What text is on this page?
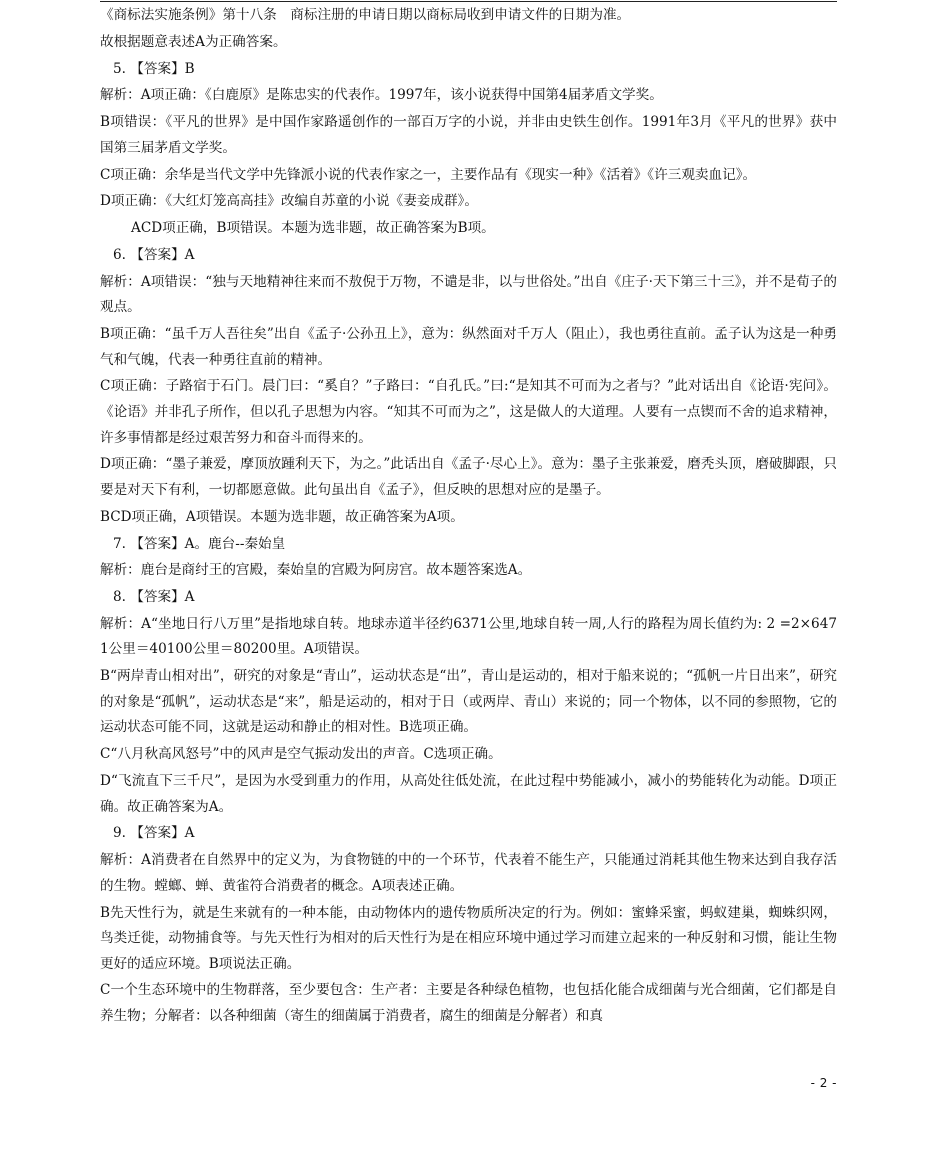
《商标法实施条例》第十八条　商标注册的申请日期以商标局收到申请文件的日期为准。

故根据题意表述A为正确答案。

5. 【答案】B

解析：A项正确：《白鹿原》是陈忠实的代表作。1997年，该小说获得中国第4届茅盾文学奖。

B项错误：《平凡的世界》是中国作家路遥创作的一部百万字的小说，并非由史铁生创作。1991年3月《平凡的世界》获中国第三届茅盾文学奖。

C项正确：余华是当代文学中先锋派小说的代表作家之一，主要作品有《现实一种》《活着》《许三观卖血记》。

D项正确：《大红灯笼高高挂》改编自苏童的小说《妻妾成群》。

ACD项正确，B项错误。本题为选非题，故正确答案为B项。

6. 【答案】A

解析：A项错误：“独与天地精神往来而不敖倪于万物，不谴是非，以与世俗处。”出自《庄子·天下第三十三》，并不是荀子的观点。

B项正确：“虽千万人吾往矣”出自《孟子·公孙丑上》，意为：纵然面对千万人（阻止），我也勇往直前。孟子认为这是一种勇气和气魄，代表一种勇往直前的精神。

C项正确：子路宿于石门。晨门曰：“奚自？”子路曰：“自孔氏。”曰:“是知其不可而为之者与？”此对话出自《论语·宪问》。《论语》并非孔子所作，但以孔子思想为内容。“知其不可而为之”，这是做人的大道理。人要有一点锲而不舍的追求精神，许多事情都是经过艰苦努力和奋斗而得来的。

D项正确：“墨子兼爱，摩顶放踵利天下，为之。”此话出自《孟子·尽心上》。意为：墨子主张兼爱，磨秃头顶，磨破脚跟，只要是对天下有利，一切都愿意做。此句虽出自《孟子》，但反映的思想对应的是墨子。

BCD项正确，A项错误。本题为选非题，故正确答案为A项。

7. 【答案】A。鹿台--秦始皇

解析：鹿台是商纣王的宫殿，秦始皇的宫殿为阿房宫。故本题答案选A。

8. 【答案】A

解析：A“坐地日行八万里”是指地球自转。地球赤道半径约6371公里,地球自转一周,人行的路程为周长值约为: 2 =2×6471公里＝40100公里＝80200里。A项错误。

B“两岸青山相对出”，研究的对象是“青山”，运动状态是“出”，青山是运动的，相对于船来说的；“孤帆一片日出来”，研究的对象是“孤帆”，运动状态是“来”，船是运动的，相对于日（或两岸、青山）来说的；同一个物体，以不同的参照物，它的运动状态可能不同，这就是运动和静止的相对性。B选项正确。

C“八月秋高风怒号”中的风声是空气振动发出的声音。C选项正确。

D“飞流直下三千尺”，是因为水受到重力的作用，从高处往低处流，在此过程中势能减小，减小的势能转化为动能。D项正确。故正确答案为A。

9. 【答案】A

解析：A消费者在自然界中的定义为，为食物链的中的一个环节，代表着不能生产，只能通过消耗其他生物来达到自我存活的生物。螳螂、蝉、黄雀符合消费者的概念。A项表述正确。

B先天性行为，就是生来就有的一种本能，由动物体内的遗传物质所决定的行为。例如：蜜蜂采蜜，蚂蚁建巢，蜘蛛织网，鸟类迁徙，动物捕食等。与先天性行为相对的后天性行为是在相应环境中通过学习而建立起来的一种反射和习惯，能让生物更好的适应环境。B项说法正确。

C一个生态环境中的生物群落，至少要包含：生产者：主要是各种绿色植物，也包括化能合成细菌与光合细菌，它们都是自养生物；分解者：以各种细菌（寄生的细菌属于消费者，腐生的细菌是分解者）和真

- 2 -
